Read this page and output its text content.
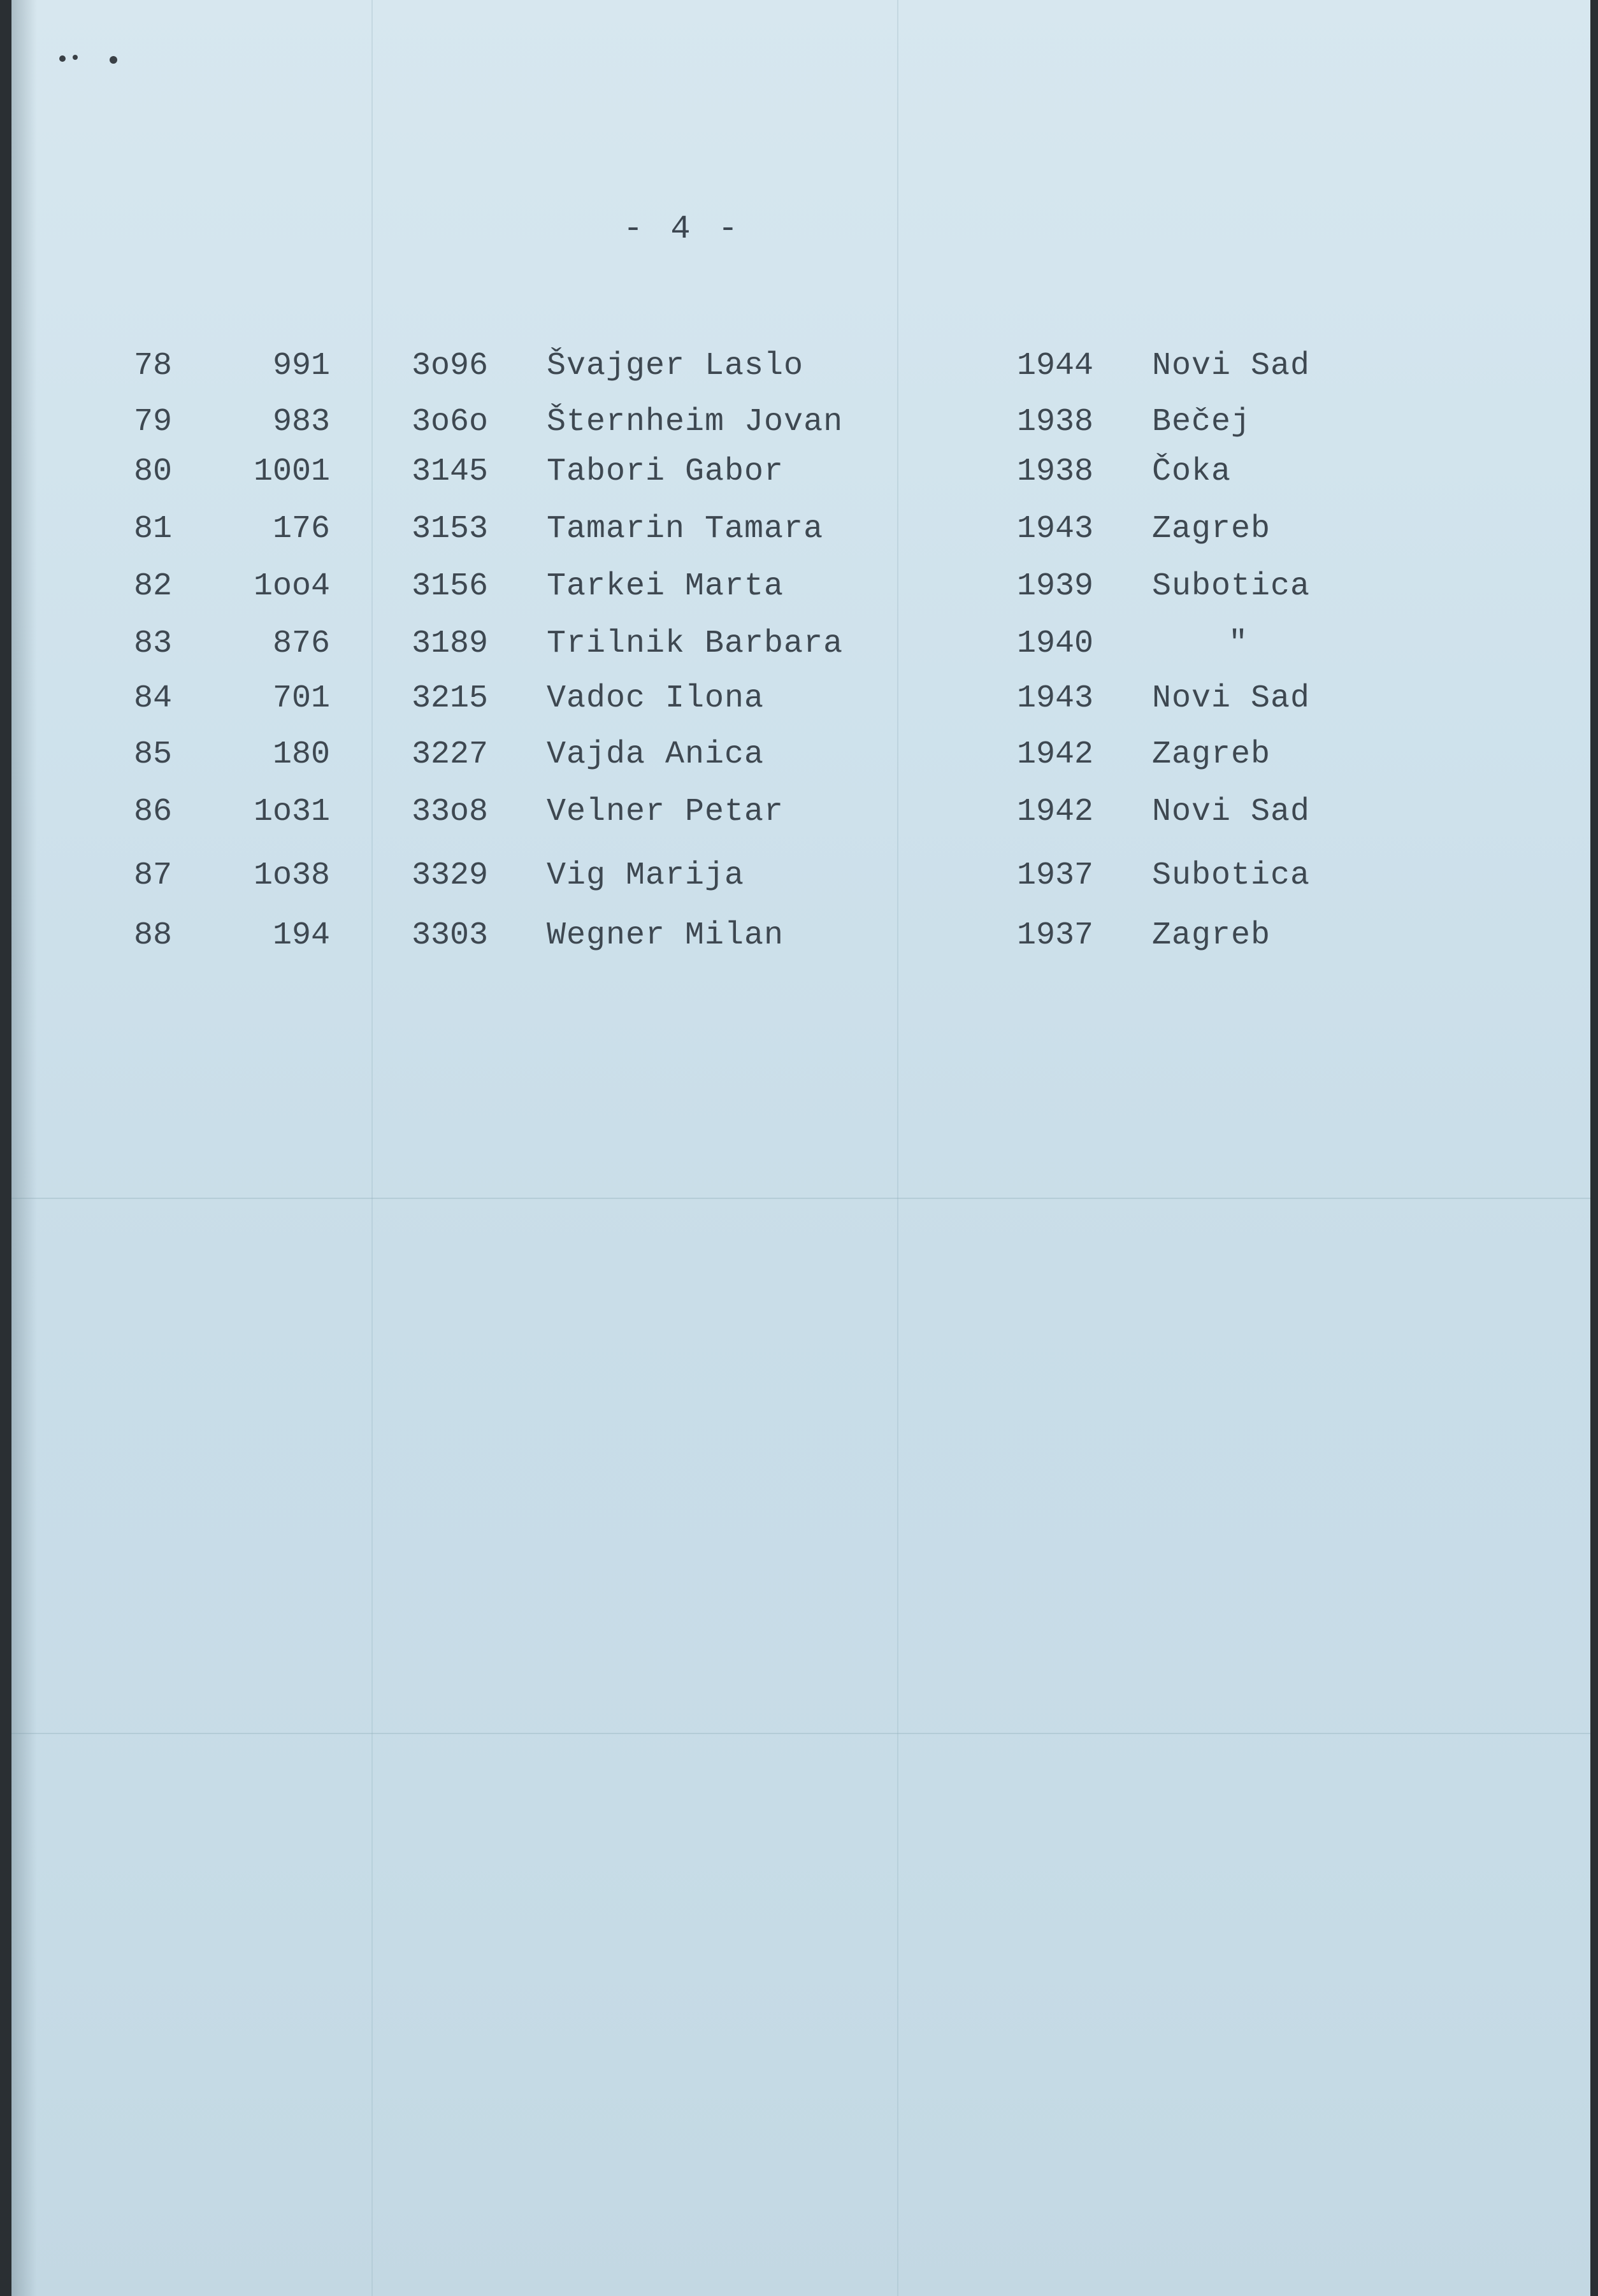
- 4 -
78	991	3o96 Švajger Laslo	1944 Novi Sad
79	983	3o6o Šternheim Jovan	1938 Bečej
80	1001	3145 Tabori Gabor	1938 Čoka
81	176	3153 Tamarin Tamara	1943 Zagreb
82	1oo4	3156 Tarkei Marta	1939 Subotica
83	876	3189 Trilnik Barbara	1940	"
84	701	3215 Vadoc Ilona	1943 Novi Sad
85	180	3227 Vajda Anica	1942 Zagreb
86	1o31	33o8 Velner Petar	1942 Novi Sad
87	1o38	3329 Vig Marija	1937 Subotica
88	194	3303 Wegner Milan	1937 Zagreb
